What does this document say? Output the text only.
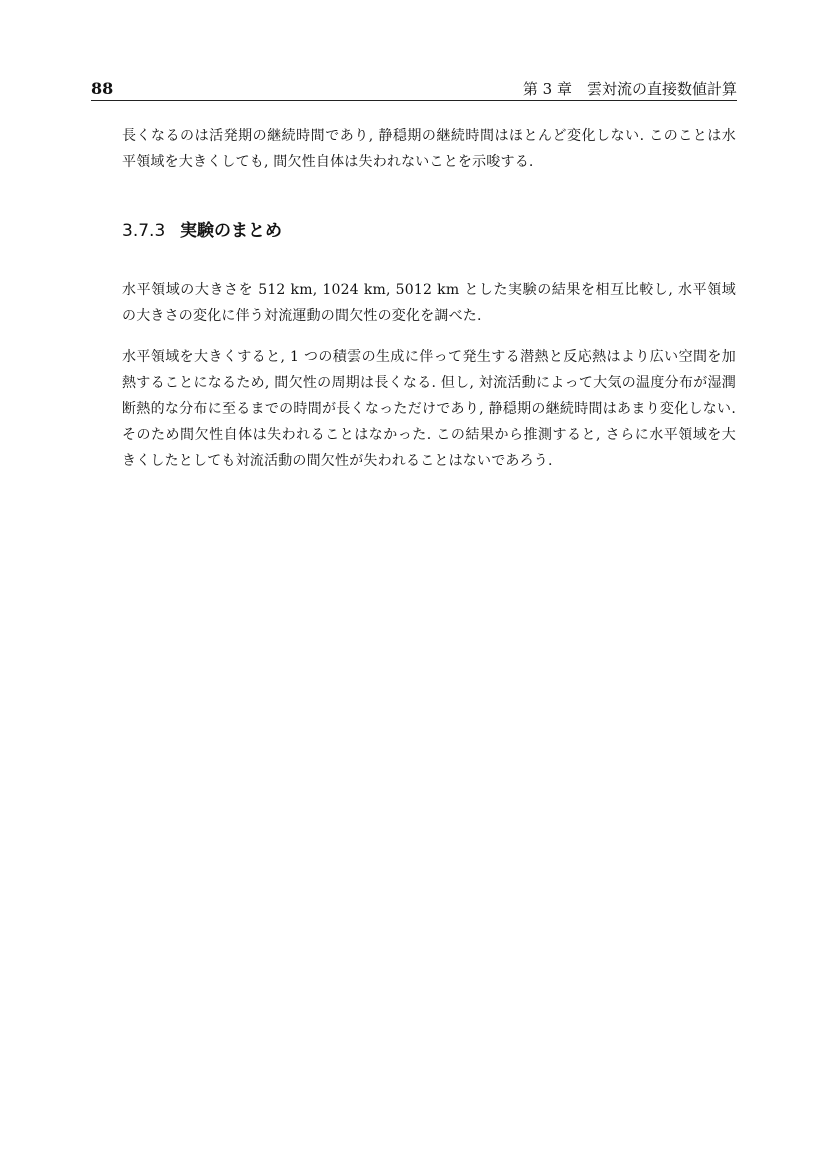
88	第 3 章　雲対流の直接数値計算

長くなるのは活発期の継続時間であり, 静穏期の継続時間はほとんど変化しない. このことは水平領域を大きくしても, 間欠性自体は失われないことを示唆する.

3.7.3 実験のまとめ

水平領域の大きさを 512 km, 1024 km, 5012 km とした実験の結果を相互比較し, 水平領域の大きさの変化に伴う対流運動の間欠性の変化を調べた.

水平領域を大きくすると, 1 つの積雲の生成に伴って発生する潜熱と反応熱はより広い空間を加熱することになるため, 間欠性の周期は長くなる. 但し, 対流活動によって大気の温度分布が湿潤断熱的な分布に至るまでの時間が長くなっただけであり, 静穏期の継続時間はあまり変化しない. そのため間欠性自体は失われることはなかった. この結果から推測すると, さらに水平領域を大きくしたとしても対流活動の間欠性が失われることはないであろう.
